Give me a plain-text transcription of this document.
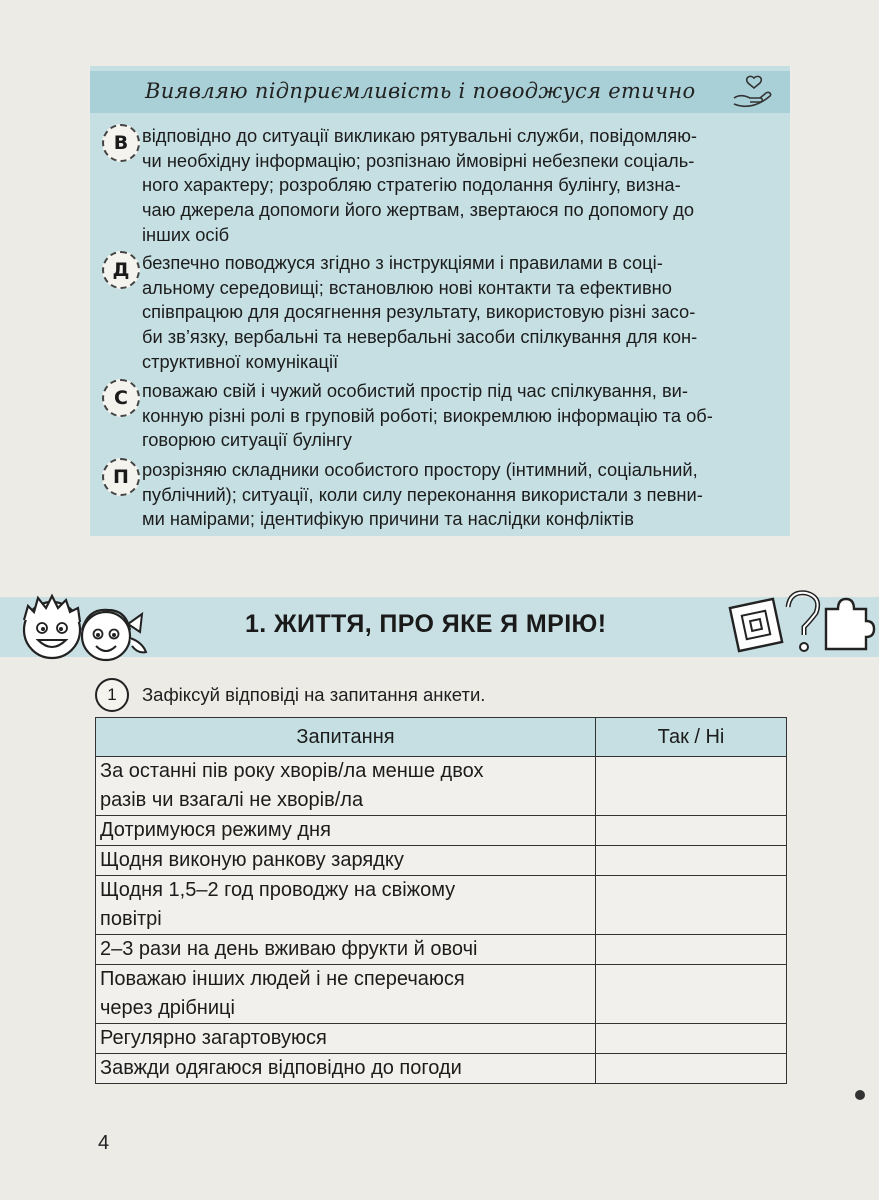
Виявляю підприємливість і поводжуся етично
В відповідно до ситуації викликаю рятувальні служби, повідомляю-
чи необхідну інформацію; розпізнаю ймовірні небезпеки соціаль-
ного характеру; розробляю стратегію подолання булінгу, визна-
чаю джерела допомоги його жертвам, звертаюся по допомогу до
інших осіб
Д безпечно поводжуся згідно з інструкціями і правилами в соці-
альному середовищі; встановлюю нові контакти та ефективно
співпрацюю для досягнення результату, використовую різні засо-
би зв’язку, вербальні та невербальні засоби спілкування для кон-
структивної комунікації
С поважаю свій і чужий особистий простір під час спілкування, ви-
конную різні ролі в груповій роботі; виокремлюю інформацію та об-
говорюю ситуації булінгу
П розрізняю складники особистого простору (інтимний, соціальний,
публічний); ситуації, коли силу переконання використали з певни-
ми намірами; ідентифікую причини та наслідки конфліктів
1. ЖИТТЯ, ПРО ЯКЕ Я МРІЮ!
1	Зафіксуй відповіді на запитання анкети.
Запитання	Так / Ні

За останні пів року хворів/ла менше двох
разів чи взагалі не хворів/ла	

Дотримуюся режиму дня	

Щодня виконую ранкову зарядку	

Щодня 1,5–2 год проводжу на свіжому
повітрі	

2–3 рази на день вживаю фрукти й овочі	

Поважаю інших людей і не сперечаюся
через дрібниці	

Регулярно загартовуюся	

Завжди одягаюся відповідно до погоди	

4
